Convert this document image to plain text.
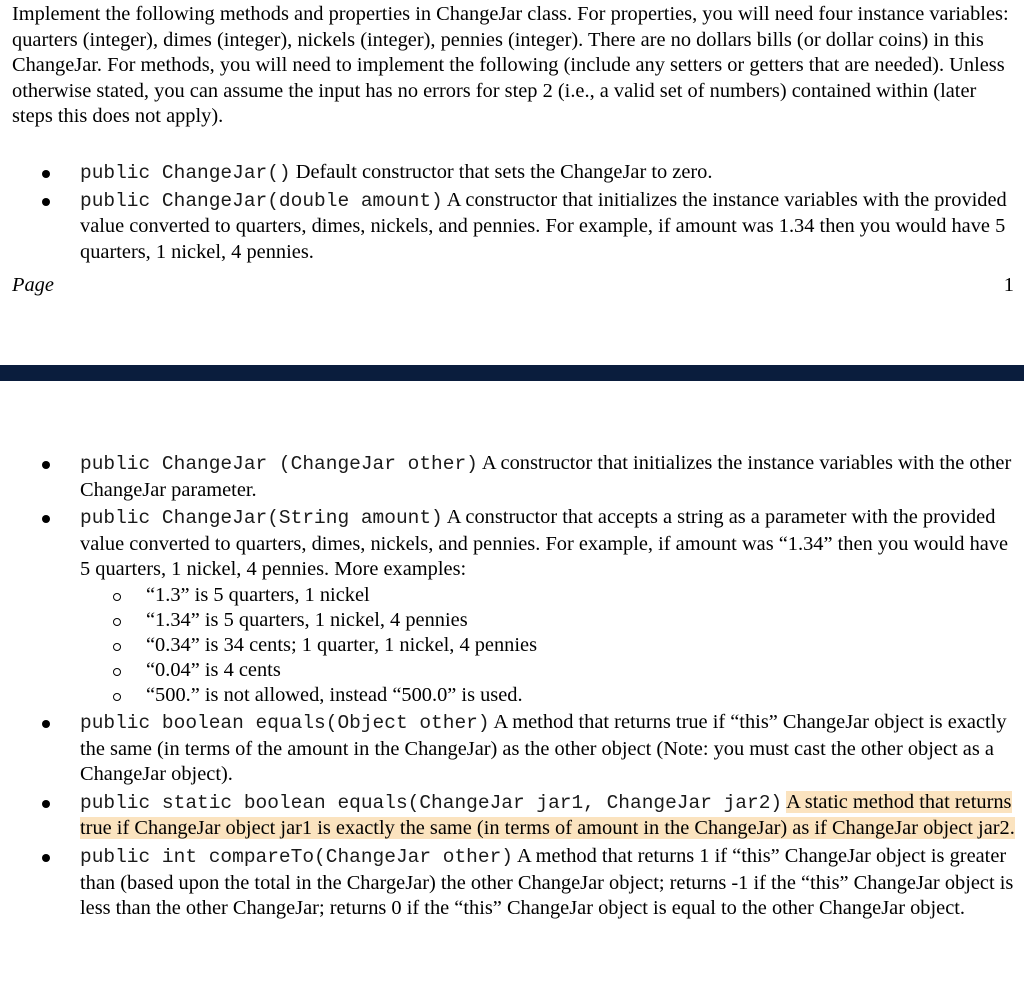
Implement the following methods and properties in ChangeJar class. For properties, you will need four instance variables: quarters (integer), dimes (integer), nickels (integer), pennies (integer). There are no dollars bills (or dollar coins) in this ChangeJar. For methods, you will need to implement the following (include any setters or getters that are needed). Unless otherwise stated, you can assume the input has no errors for step 2 (i.e., a valid set of numbers) contained within (later steps this does not apply).

public ChangeJar() Default constructor that sets the ChangeJar to zero.
public ChangeJar(double amount) A constructor that initializes the instance variables with the provided value converted to quarters, dimes, nickels, and pennies. For example, if amount was 1.34 then you would have 5 quarters, 1 nickel, 4 pennies.
Page	1
public ChangeJar (ChangeJar other) A constructor that initializes the instance variables with the other ChangeJar parameter.
public ChangeJar(String amount) A constructor that accepts a string as a parameter with the provided value converted to quarters, dimes, nickels, and pennies. For example, if amount was “1.34” then you would have 5 quarters, 1 nickel, 4 pennies. More examples:
“1.3” is 5 quarters, 1 nickel
“1.34” is 5 quarters, 1 nickel, 4 pennies
“0.34” is 34 cents; 1 quarter, 1 nickel, 4 pennies
“0.04” is 4 cents
“500.” is not allowed, instead “500.0” is used.
public boolean equals(Object other) A method that returns true if “this” ChangeJar object is exactly the same (in terms of the amount in the ChangeJar) as the other object (Note: you must cast the other object as a ChangeJar object).
public static boolean equals(ChangeJar jar1, ChangeJar jar2) A static method that returns true if ChangeJar object jar1 is exactly the same (in terms of amount in the ChangeJar) as if ChangeJar object jar2.
public int compareTo(ChangeJar other) A method that returns 1 if “this” ChangeJar object is greater than (based upon the total in the ChargeJar) the other ChangeJar object; returns -1 if the “this” ChangeJar object is less than the other ChangeJar; returns 0 if the “this” ChangeJar object is equal to the other ChangeJar object.
